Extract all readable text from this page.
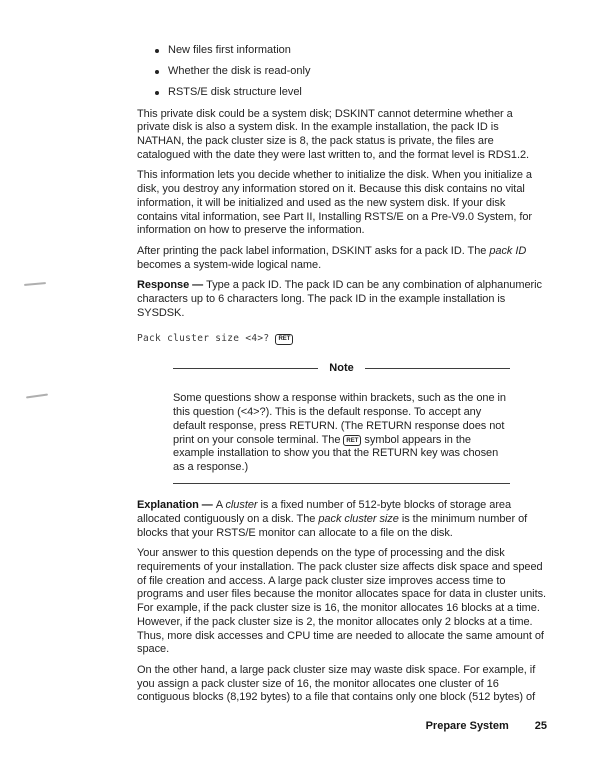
New files first information
Whether the disk is read-only
RSTS/E disk structure level

This private disk could be a system disk; DSKINT cannot determine whether a private disk is also a system disk. In the example installation, the pack ID is NATHAN, the pack cluster size is 8, the pack status is private, the files are catalogued with the date they were last written to, and the format level is RDS1.2.

This information lets you decide whether to initialize the disk. When you initialize a disk, you destroy any information stored on it. Because this disk contains no vital information, it will be initialized and used as the new system disk. If your disk contains vital information, see Part II, Installing RSTS/E on a Pre-V9.0 System, for information on how to preserve the information.

After printing the pack label information, DSKINT asks for a pack ID. The pack ID becomes a system-wide logical name.

Response — Type a pack ID. The pack ID can be any combination of alphanumeric characters up to 6 characters long. The pack ID in the example installation is SYSDSK.

Pack cluster size <4>? RET
Note

Some questions show a response within brackets, such as the one in this question (<4>?). This is the default response. To accept any default response, press RETURN. (The RETURN response does not print on your console terminal. The RET symbol appears in the example installation to show you that the RETURN key was chosen as a response.)

Explanation — A cluster is a fixed number of 512-byte blocks of storage area allocated contiguously on a disk. The pack cluster size is the minimum number of blocks that your RSTS/E monitor can allocate to a file on the disk.

Your answer to this question depends on the type of processing and the disk requirements of your installation. The pack cluster size affects disk space and speed of file creation and access. A large pack cluster size improves access time to programs and user files because the monitor allocates space for data in cluster units. For example, if the pack cluster size is 16, the monitor allocates 16 blocks at a time. However, if the pack cluster size is 2, the monitor allocates only 2 blocks at a time. Thus, more disk accesses and CPU time are needed to allocate the same amount of space.

On the other hand, a large pack cluster size may waste disk space. For example, if you assign a pack cluster size of 16, the monitor allocates one cluster of 16 contiguous blocks (8,192 bytes) to a file that contains only one block (512 bytes) of

Prepare System 25
